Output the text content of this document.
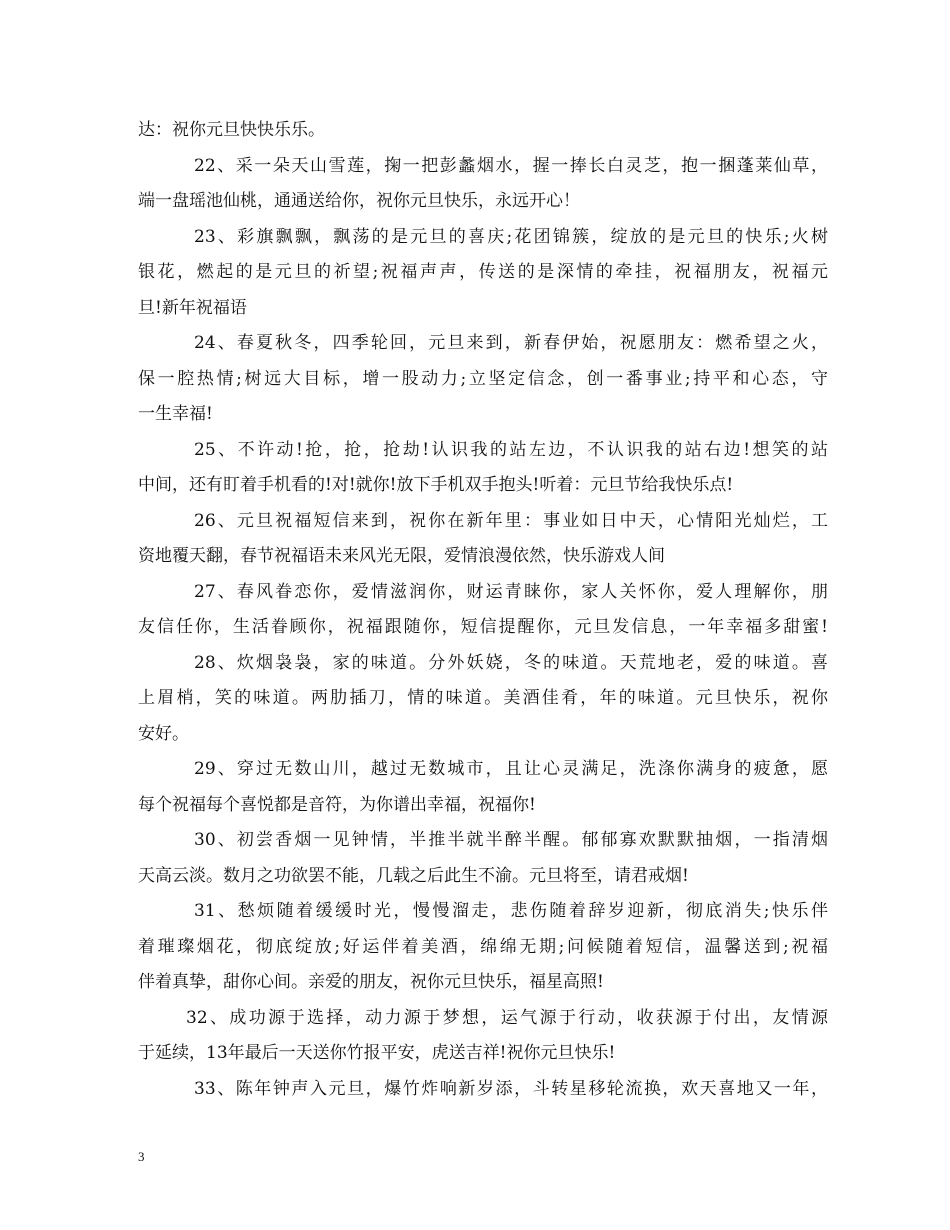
达：祝你元旦快快乐乐。
22、采一朵天山雪莲，掬一把彭蠡烟水，握一捧长白灵芝，抱一捆蓬莱仙草，
端一盘瑶池仙桃，通通送给你，祝你元旦快乐，永远开心！
23、彩旗飘飘，飘荡的是元旦的喜庆;花团锦簇，绽放的是元旦的快乐;火树
银花，燃起的是元旦的祈望;祝福声声，传送的是深情的牵挂，祝福朋友，祝福元
旦!新年祝福语
24、春夏秋冬，四季轮回，元旦来到，新春伊始，祝愿朋友：燃希望之火，
保一腔热情;树远大目标，增一股动力;立坚定信念，创一番事业;持平和心态，守
一生幸福!
25、不许动!抢，抢，抢劫!认识我的站左边，不认识我的站右边!想笑的站
中间，还有盯着手机看的!对!就你!放下手机双手抱头!听着：元旦节给我快乐点!
26、元旦祝福短信来到，祝你在新年里：事业如日中天，心情阳光灿烂，工
资地覆天翻，春节祝福语未来风光无限，爱情浪漫依然，快乐游戏人间
27、春风眷恋你，爱情滋润你，财运青睐你，家人关怀你，爱人理解你，朋
友信任你，生活眷顾你，祝福跟随你，短信提醒你，元旦发信息，一年幸福多甜蜜!
28、炊烟袅袅，家的味道。分外妖娆，冬的味道。天荒地老，爱的味道。喜
上眉梢，笑的味道。两肋插刀，情的味道。美酒佳肴，年的味道。元旦快乐，祝你
安好。
29、穿过无数山川，越过无数城市，且让心灵满足，洗涤你满身的疲惫，愿
每个祝福每个喜悦都是音符，为你谱出幸福，祝福你!
30、初尝香烟一见钟情，半推半就半醉半醒。郁郁寡欢默默抽烟，一指清烟
天高云淡。数月之功欲罢不能，几载之后此生不渝。元旦将至，请君戒烟!
31、愁烦随着缓缓时光，慢慢溜走，悲伤随着辞岁迎新，彻底消失;快乐伴
着璀璨烟花，彻底绽放;好运伴着美酒，绵绵无期;问候随着短信，温馨送到;祝福
伴着真挚，甜你心间。亲爱的朋友，祝你元旦快乐，福星高照!
32、成功源于选择，动力源于梦想，运气源于行动，收获源于付出，友情源
于延续，13年最后一天送你竹报平安，虎送吉祥!祝你元旦快乐!
33、陈年钟声入元旦，爆竹炸响新岁添，斗转星移轮流换，欢天喜地又一年，
3
